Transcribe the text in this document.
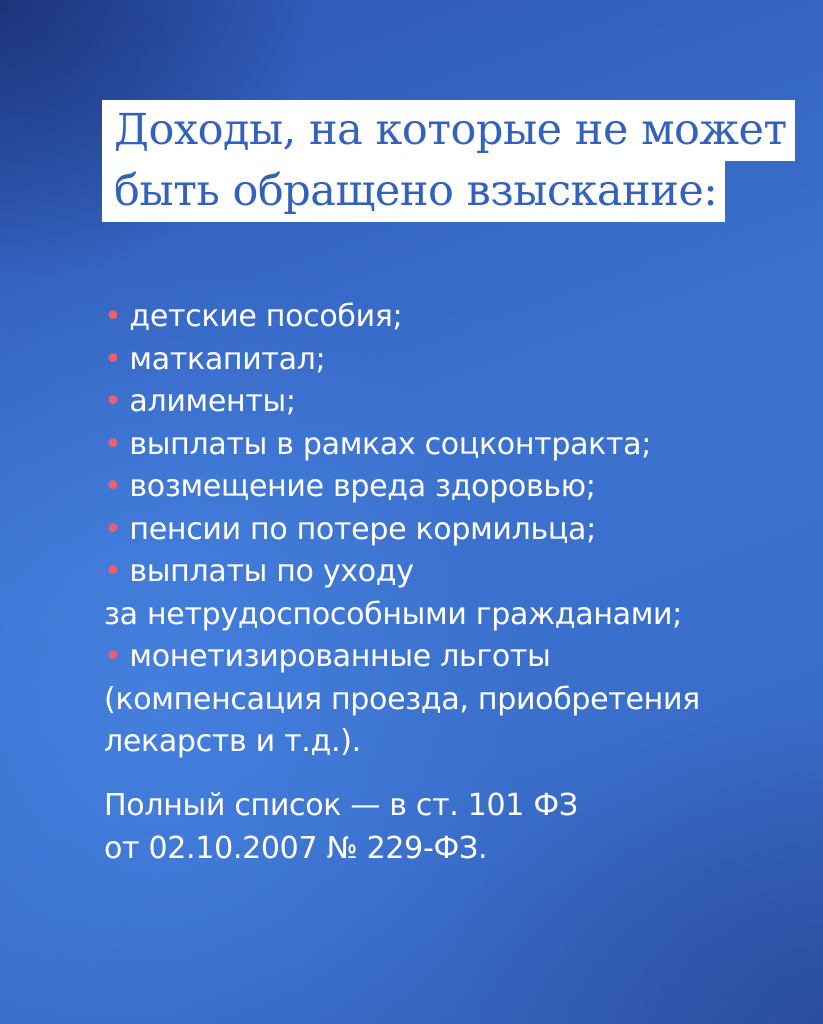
Доходы, на которые не может
быть обращено взыскание:
• детские пособия;
• маткапитал;
• алименты;
• выплаты в рамках соцконтракта;
• возмещение вреда здоровью;
• пенсии по потере кормильца;
• выплаты по уходу
за нетрудоспособными гражданами;
• монетизированные льготы
(компенсация проезда, приобретения
лекарств и т.д.).
Полный список — в ст. 101 ФЗ
от 02.10.2007 № 229-ФЗ.
